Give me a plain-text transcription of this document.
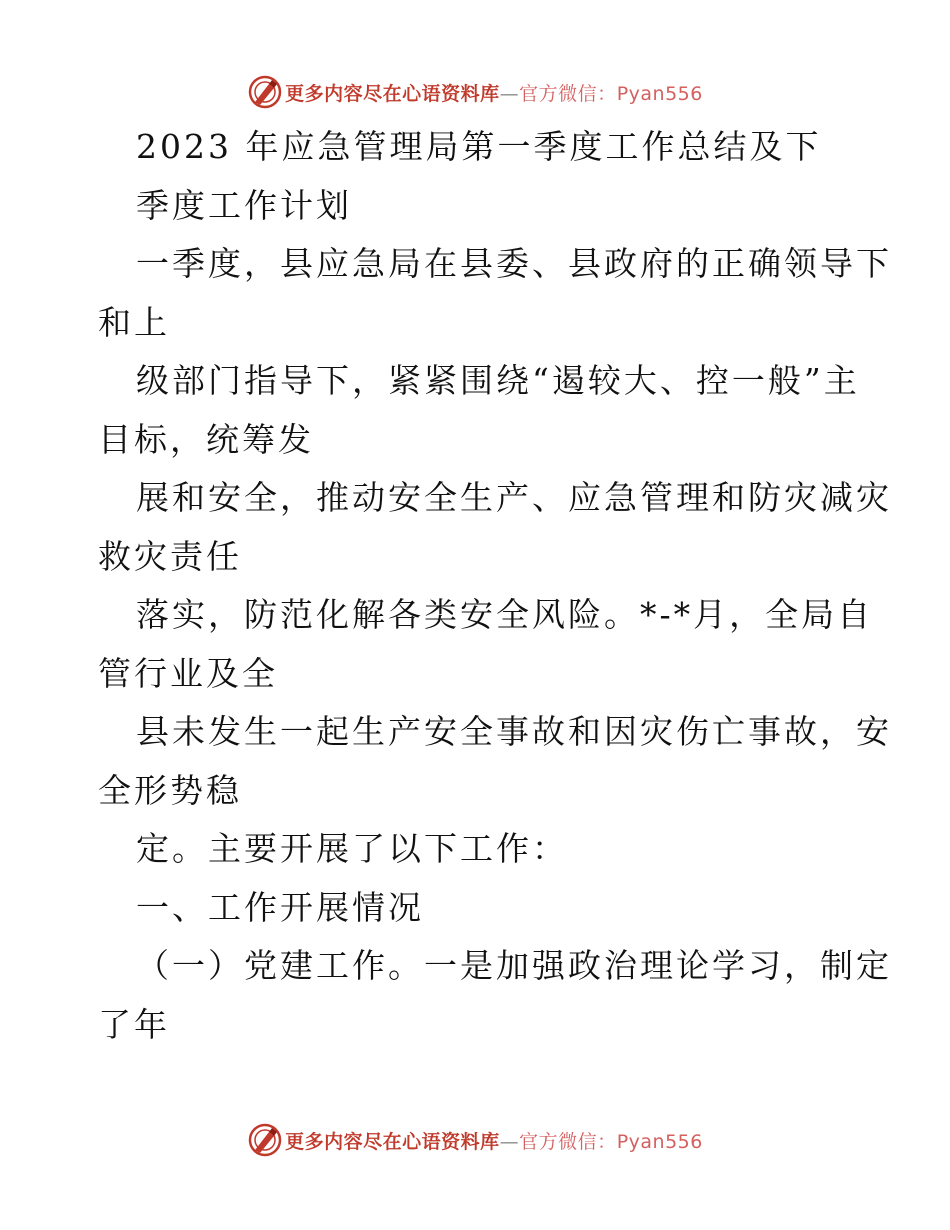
更多内容尽在心语资料库—官方微信：Pyan556
2023 年应急管理局第一季度工作总结及下
季度工作计划
一季度，县应急局在县委、县政府的正确领导下
和上
级部门指导下，紧紧围绕“遏较大、控一般”主
目标，统筹发
展和安全，推动安全生产、应急管理和防灾减灾
救灾责任
落实，防范化解各类安全风险。*-*月，全局自
管行业及全
县未发生一起生产安全事故和因灾伤亡事故，安
全形势稳
定。主要开展了以下工作：
一、工作开展情况
（一）党建工作。一是加强政治理论学习，制定
了年
更多内容尽在心语资料库—官方微信：Pyan556
